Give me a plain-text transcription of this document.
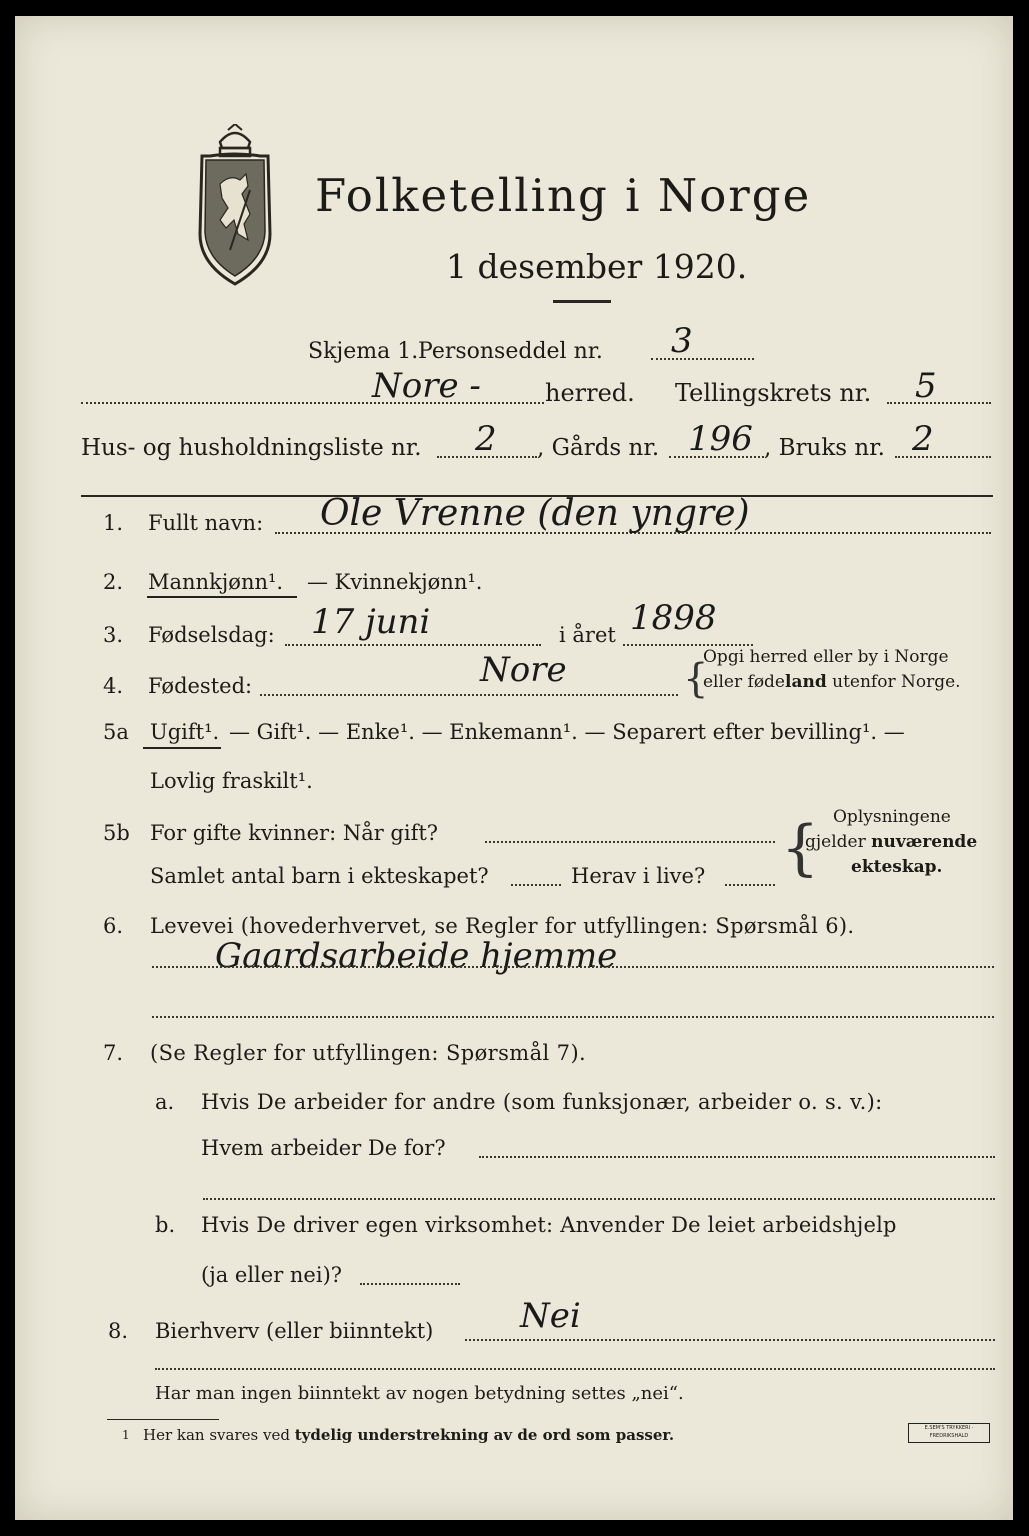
Folketelling i Norge
1 desember 1920.
Skjema 1. Personseddel nr. 3
Nore -	herred. Tellingskrets nr. 5
Hus- og husholdningsliste nr. 2 , Gårds nr. 196 , Bruks nr. 2
1. Fullt navn: Ole Vrenne (den yngre)
2. Mannkjønn¹. — Kvinnekjønn¹.
3. Fødselsdag: 17 juni	i året 1898
4. Fødested:	Nore	{
Opgi herred eller by i Norge
eller fødeland utenfor Norge.
5a Ugift¹. — Gift¹. — Enke¹. — Enkemann¹. — Separert efter bevilling¹. —
Lovlig fraskilt¹.
5b For gifte kvinner: Når gift?
Samlet antal barn i ekteskapet?	Herav i live? { Oplysningene
gjelder nuværende
ekteskap.
6. Levevei (hovederhvervet, se Regler for utfyllingen: Spørsmål 6).
Gaardsarbeide hjemme
7. (Se Regler for utfyllingen: Spørsmål 7).
a. Hvis De arbeider for andre (som funksjonær, arbeider o. s. v.):
Hvem arbeider De for?
b. Hvis De driver egen virksomhet: Anvender De leiet arbeidshjelp
(ja eller nei)?
8. Bierhverv (eller biinntekt)	Nei
Har man ingen biinntekt av nogen betydning settes „nei“.
1 Her kan svares ved tydelig understrekning av de ord som passer.	E.SEM'S TRYKKERI · FREDRIKSHALD
